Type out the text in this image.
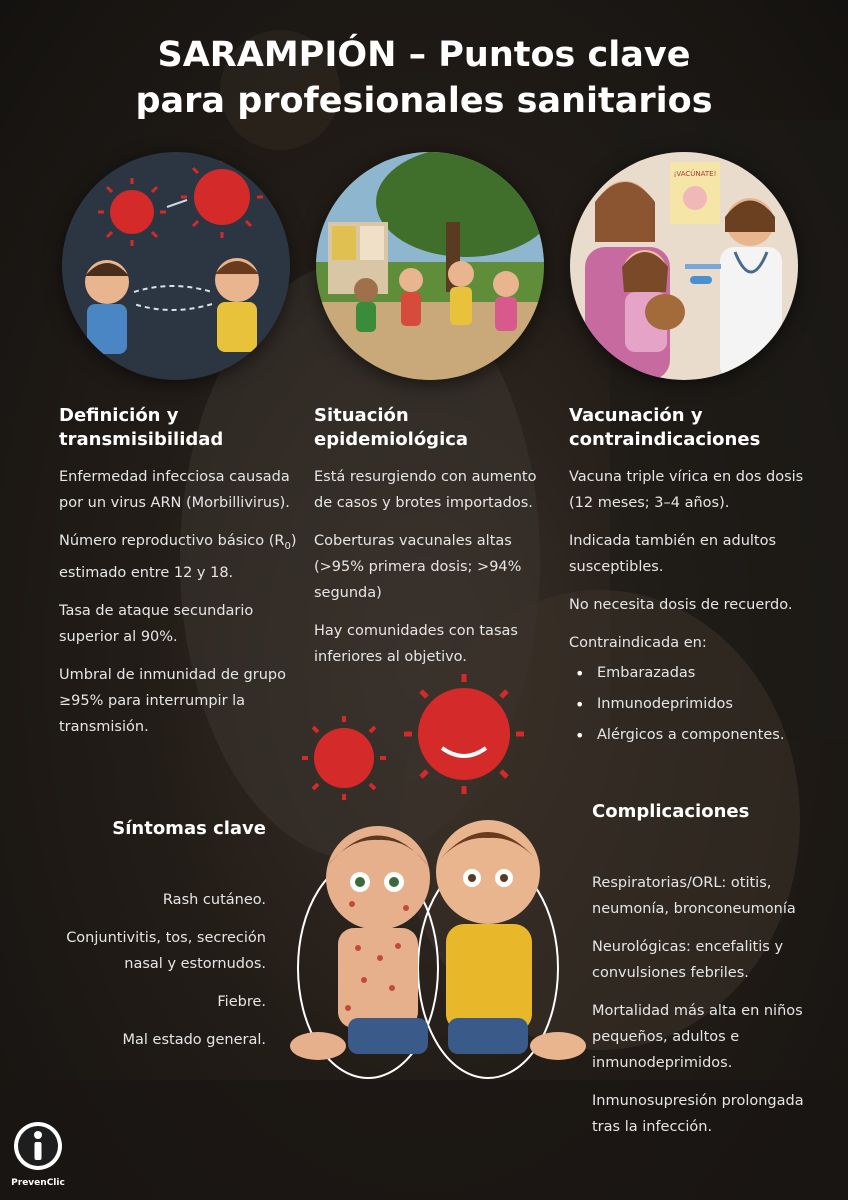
SARAMPIÓN – Puntos clave
para profesionales sanitarios
¡VACÚNATE!
Definición y
transmisibilidad

Enfermedad infecciosa causada por un virus ARN (Morbillivirus).

Número reproductivo básico $(R_0)$ estimado entre 12 y 18.

Tasa de ataque secundario superior al 90%.

Umbral de inmunidad de grupo ≥95% para interrumpir la transmisión.

Situación
epidemiológica

Está resurgiendo con aumento de casos y brotes importados.

Coberturas vacunales altas (>95% primera dosis; >94% segunda)

Hay comunidades con tasas inferiores al objetivo.

Vacunación y
contraindicaciones

Vacuna triple vírica en dos dosis (12 meses; 3–4 años).

Indicada también en adultos susceptibles.

No necesita dosis de recuerdo.

Contraindicada en:

• Embarazadas
• Inmunodeprimidos
• Alérgicos a componentes.
Síntomas clave

Rash cutáneo.

Conjuntivitis, tos, secreción nasal y estornudos.

Fiebre.

Mal estado general.

Complicaciones

Respiratorias/ORL: otitis, neumonía, bronconeumonía

Neurológicas: encefalitis y convulsiones febriles.

Mortalidad más alta en niños pequeños, adultos e inmunodeprimidos.

Inmunosupresión prolongada tras la infección.

PrevenClic
